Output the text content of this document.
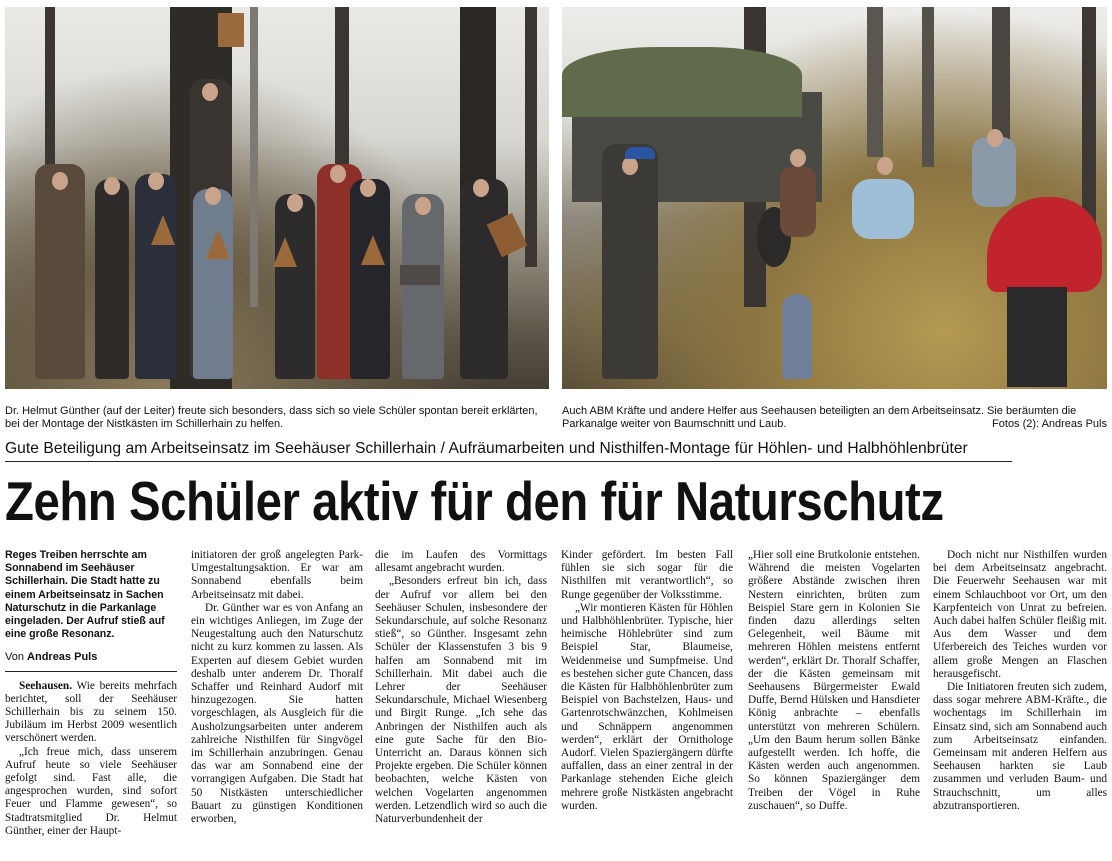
Dr. Helmut Günther (auf der Leiter) freute sich besonders, dass sich so viele Schüler spontan bereit erklärten, bei der Montage der Nistkästen im Schillerhain zu helfen.
Auch ABM Kräfte und andere Helfer aus Seehausen beteiligten an dem Arbeitseinsatz. Sie beräumten die Parkanalge weiter von Baumschnitt und Laub.	Fotos (2): Andreas Puls
Gute Beteiligung am Arbeitseinsatz im Seehäuser Schillerhain / Aufräumarbeiten und Nisthilfen-Montage für Höhlen- und Halbhöhlenbrüter
Zehn Schüler aktiv für den für Naturschutz
Reges Treiben herrschte am Sonnabend im Seehäuser Schillerhain. Die Stadt hatte zu einem Arbeitseinsatz in Sachen Naturschutz in die Parkanlage eingeladen. Der Aufruf stieß auf eine große Resonanz.
Von Andreas Puls

Seehausen. Wie bereits mehrfach berichtet, soll der Seehäuser Schillerhain bis zu seinem 150. Jubiläum im Herbst 2009 wesentlich verschönert werden.

„Ich freue mich, dass unserem Aufruf heute so viele Seehäuser gefolgt sind. Fast alle, die angesprochen wurden, sind sofort Feuer und Flamme gewesen“, so Stadtratsmitglied Dr. Helmut Günther, einer der Haupt-

initiatoren der groß angelegten Park-Umgestaltungsaktion. Er war am Sonnabend ebenfalls beim Arbeitseinsatz mit dabei.

Dr. Günther war es von Anfang an ein wichtiges Anliegen, im Zuge der Neugestaltung auch den Naturschutz nicht zu kurz kommen zu lassen. Als Experten auf diesem Gebiet wurden deshalb unter anderem Dr. Thoralf Schaffer und Reinhard Audorf mit hinzugezogen. Sie hatten vorgeschlagen, als Ausgleich für die Ausholzungsarbeiten unter anderem zahlreiche Nisthilfen für Singvögel im Schillerhain anzubringen. Genau das war am Sonnabend eine der vorrangigen Aufgaben. Die Stadt hat 50 Nistkästen unterschiedlicher Bauart zu günstigen Konditionen erworben,

die im Laufen des Vormittags allesamt angebracht wurden.

„Besonders erfreut bin ich, dass der Aufruf vor allem bei den Seehäuser Schulen, insbesondere der Sekundarschule, auf solche Resonanz stieß“, so Günther. Insgesamt zehn Schüler der Klassenstufen 3 bis 9 halfen am Sonnabend mit im Schillerhain. Mit dabei auch die Lehrer der Seehäuser Sekundarschule, Michael Wiesenberg und Birgit Runge. „Ich sehe das Anbringen der Nisthilfen auch als eine gute Sache für den Bio-Unterricht an. Daraus können sich Projekte ergeben. Die Schüler können beobachten, welche Kästen von welchen Vogelarten angenommen werden. Letzendlich wird so auch die Naturverbundenheit der

Kinder gefördert. Im besten Fall fühlen sie sich sogar für die Nisthilfen mit verantwortlich“, so Runge gegenüber der Volksstimme.

„Wir montieren Kästen für Höhlen und Halbhöhlenbrüter. Typische, hier heimische Höhlebrüter sind zum Beispiel Star, Blaumeise, Weidenmeise und Sumpfmeise. Und es bestehen sicher gute Chancen, dass die Kästen für Halbhöhlenbrüter zum Beispiel von Bachstelzen, Haus- und Gartenrotschwänzchen, Kohlmeisen und Schnäppern angenommen werden“, erklärt der Ornithologe Audorf. Vielen Spaziergängern dürfte auffallen, dass an einer zentral in der Parkanlage stehenden Eiche gleich mehrere große Nistkästen angebracht wurden.

„Hier soll eine Brutkolonie entstehen. Während die meisten Vogelarten größere Abstände zwischen ihren Nestern einrichten, brüten zum Beispiel Stare gern in Kolonien Sie finden dazu allerdings selten Gelegenheit, weil Bäume mit mehreren Höhlen meistens entfernt werden“, erklärt Dr. Thoralf Schaffer, der die Kästen gemeinsam mit Seehausens Bürgermeister Ewald Duffe, Bernd Hülsken und Hansdieter König anbrachte – ebenfalls unterstützt von mehreren Schülern. „Um den Baum herum sollen Bänke aufgestellt werden. Ich hoffe, die Kästen werden auch angenommen. So können Spaziergänger dem Treiben der Vögel in Ruhe zuschauen“, so Duffe.

Doch nicht nur Nisthilfen wurden bei dem Arbeitseinsatz angebracht. Die Feuerwehr Seehausen war mit einem Schlauchboot vor Ort, um den Karpfenteich von Unrat zu befreien. Auch dabei halfen Schüler fleißig mit. Aus dem Wasser und dem Uferbereich des Teiches wurden vor allem große Mengen an Flaschen herausgefischt.

Die Initiatoren freuten sich zudem, dass sogar mehrere ABM-Kräfte., die wochentags im Schillerhain im Einsatz sind, sich am Sonnabend auch zum Arbeitseinsatz einfanden. Gemeinsam mit anderen Helfern aus Seehausen harkten sie Laub zusammen und verluden Baum- und Strauchschnitt, um alles abzutransportieren.
